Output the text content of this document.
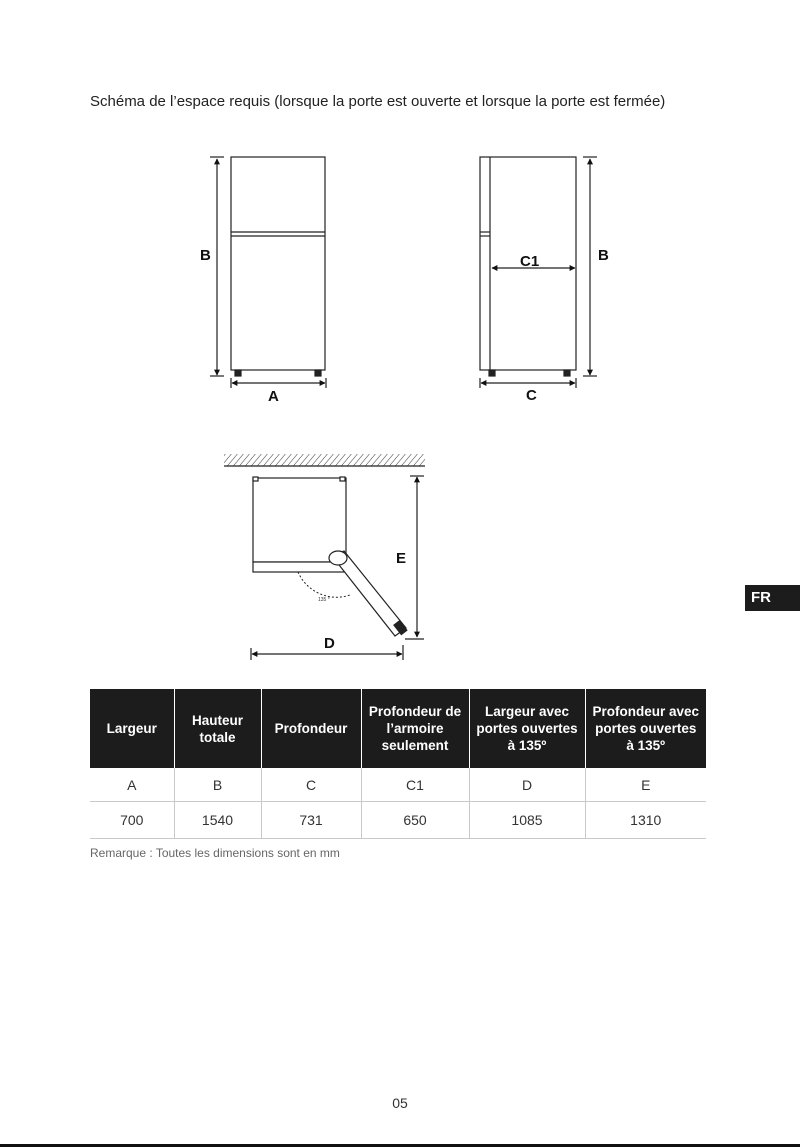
Schéma de l’espace requis (lorsque la porte est ouverte et lorsque la porte est fermée)
B
A
C1	B
C
135 °
E
D
Largeur	Hauteur totale	Profondeur	Profondeur de l’armoire seulement	Largeur avec portes ouvertes à 135º	Profondeur avec portes ouvertes à 135º
A	B	C	C1	D	E
700	1540	731	650	1085	1310
Remarque : Toutes les dimensions sont en mm
FR
05
